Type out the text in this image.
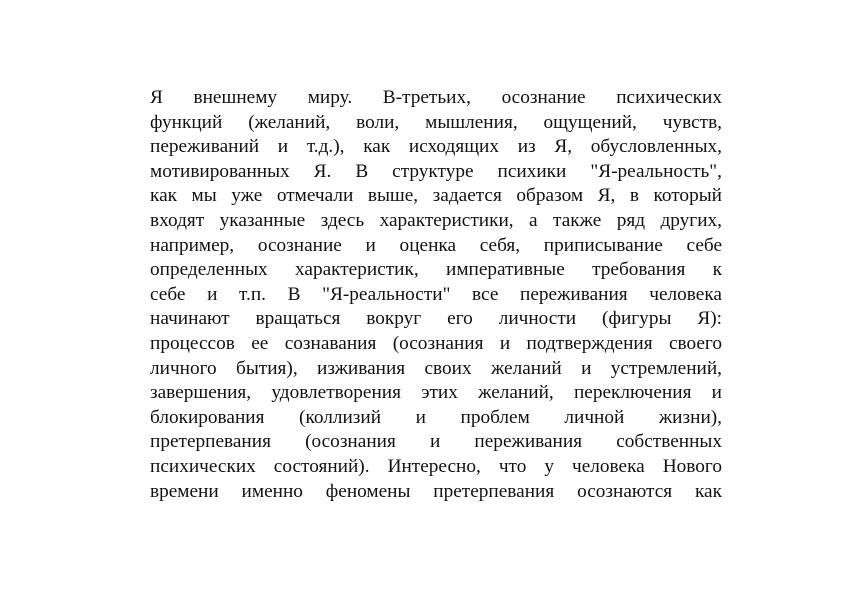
Я внешнему миру. В-третьих, осознание психических
функций (желаний, воли, мышления, ощущений, чувств,
переживаний и т.д.), как исходящих из Я, обусловленных,
мотивированных Я. В структуре психики "Я-реальность",
как мы уже отмечали выше, задается образом Я, в который
входят указанные здесь характеристики, а также ряд других,
например, осознание и оценка себя, приписывание себе
определенных характеристик, императивные требования к
себе и т.п. В "Я-реальности" все переживания человека
начинают вращаться вокруг его личности (фигуры Я):
процессов ее сознавания (осознания и подтверждения своего
личного бытия), изживания своих желаний и устремлений,
завершения, удовлетворения этих желаний, переключения и
блокирования (коллизий и проблем личной жизни),
претерпевания (осознания и переживания собственных
психических состояний). Интересно, что у человека Нового
времени именно феномены претерпевания осознаются как
